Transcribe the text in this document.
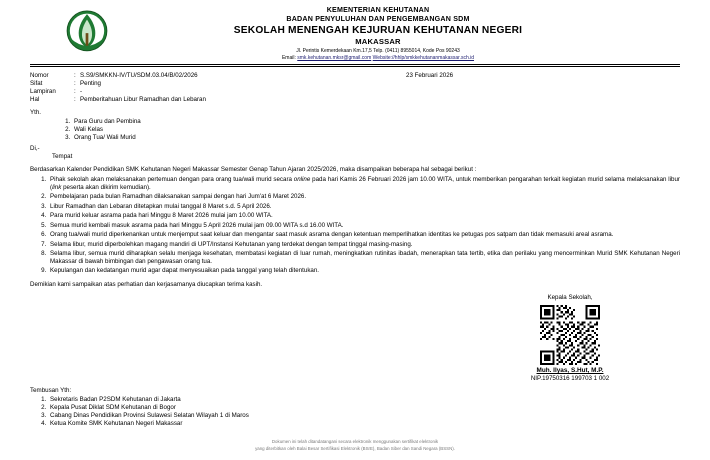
KEMENTERIAN KEHUTANAN
BADAN PENYULUHAN DAN PENGEMBANGAN SDM
SEKOLAH MENENGAH KEJURUAN KEHUTANAN NEGERI
MAKASSAR
Jl. Perintis Kemerdekaan Km.17,5 Telp. (0411) 8955014, Kode Pos 90243
Email: smk.kehutanan.mksr@gmail.com Website://hhlp/smkkehutananmakassar.sch.id
Nomor	: S.S9/SMKKN-IV/TU/SDM.03.04/B/02/2026
Sifat	: Penting
Lampiran	: -
Hal	: Pemberitahuan Libur Ramadhan dan Lebaran
23 Februari 2026
Yth.
1. Para Guru dan Pembina
2. Wali Kelas
3. Orang Tua/ Wali Murid
Di,-
Tempat
Berdasarkan Kalender Pendidikan SMK Kehutanan Negeri Makassar Semester Genap Tahun Ajaran 2025/2026, maka disampaikan beberapa hal sebagai berikut :
1. Pihak sekolah akan melaksanakan pertemuan dengan para orang tua/wali murid secara online pada hari Kamis 26 Februari 2026 jam 10.00 WITA, untuk memberikan pengarahan terkait kegiatan murid selama melaksanakan libur (link peserta akan dikirim kemudian).
2. Pembelajaran pada bulan Ramadhan dilaksanakan sampai dengan hari Jum'at 6 Maret 2026.
3. Libur Ramadhan dan Lebaran ditetapkan mulai tanggal 8 Maret s.d. 5 April 2026.
4. Para murid keluar asrama pada hari Minggu 8 Maret 2026 mulai jam 10.00 WITA.
5. Semua murid kembali masuk asrama pada hari Minggu 5 April 2026 mulai jam 09.00 WITA s.d 16.00 WITA.
6. Orang tua/wali murid diperkenankan untuk menjemput saat keluar dan mengantar saat masuk asrama dengan ketentuan memperlihatkan identitas ke petugas pos satpam dan tidak memasuki areal asrama.
7. Selama libur, murid diperbolehkan magang mandiri di UPT/Instansi Kehutanan yang terdekat dengan tempat tinggal masing-masing.
8. Selama libur, semua murid diharapkan selalu menjaga kesehatan, membatasi kegiatan di luar rumah, meningkatkan rutinitas ibadah, menerapkan tata tertib, etika dan perilaku yang mencerminkan Murid SMK Kehutanan Negeri Makassar di bawah bimbingan dan pengawasan orang tua.
9. Kepulangan dan kedatangan murid agar dapat menyesuaikan pada tanggal yang telah ditentukan.
Demikian kami sampaikan atas perhatian dan kerjasamanya diucapkan terima kasih.
Kepala Sekolah,
Muh. Ilyas, S.Hut, M.P.
NIP.19750316 199703 1 002
Tembusan Yth:
1. Sekretaris Badan P2SDM Kehutanan di Jakarta
2. Kepala Pusat Diklat SDM Kehutanan di Bogor
3. Cabang Dinas Pendidikan Provinsi Sulawesi Selatan Wilayah 1 di Maros
4. Ketua Komite SMK Kehutanan Negeri Makassar
Dokumen ini telah ditandatangani secara elektronik menggunakan sertifikat elektronik
yang diterbitkan oleh Balai Besar Sertifikasi Elektronik (BSrE), Badan Siber dan Sandi Negara (BSSN).
